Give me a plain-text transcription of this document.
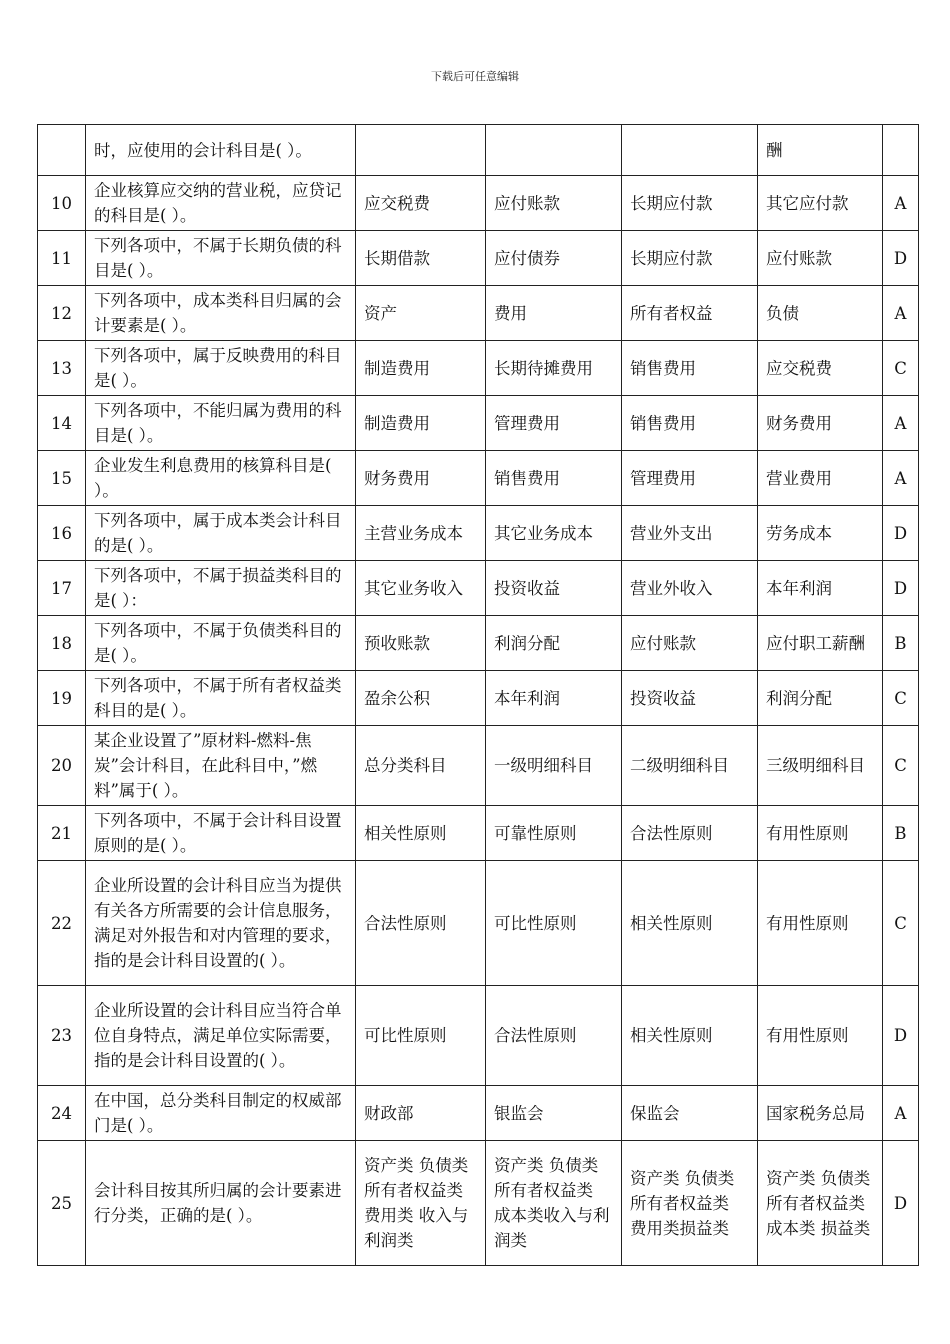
下载后可任意编辑
	时，应使用的会计科目是( ）。				酬	
10	企业核算应交纳的营业税，应贷记的科目是( ）。	应交税费	应付账款	长期应付款	其它应付款	A
11	下列各项中，不属于长期负债的科目是( ）。	长期借款	应付债券	长期应付款	应付账款	D
12	下列各项中，成本类科目归属的会计要素是( ）。	资产	费用	所有者权益	负债	A
13	下列各项中，属于反映费用的科目是( ）。	制造费用	长期待摊费用	销售费用	应交税费	C
14	下列各项中，不能归属为费用的科目是( ）。	制造费用	管理费用	销售费用	财务费用	A
15	企业发生利息费用的核算科目是( ）。	财务费用	销售费用	管理费用	营业费用	A
16	下列各项中，属于成本类会计科目的是( ）。	主营业务成本	其它业务成本	营业外支出	劳务成本	D
17	下列各项中，不属于损益类科目的是( ）：	其它业务收入	投资收益	营业外收入	本年利润	D
18	下列各项中，不属于负债类科目的是( ）。	预收账款	利润分配	应付账款	应付职工薪酬	B
19	下列各项中，不属于所有者权益类科目的是( ）。	盈余公积	本年利润	投资收益	利润分配	C
20	某企业设置了”原材料-燃料-焦炭”会计科目，在此科目中，”燃料”属于( ）。	总分类科目	一级明细科目	二级明细科目	三级明细科目	C
21	下列各项中，不属于会计科目设置原则的是( ）。	相关性原则	可靠性原则	合法性原则	有用性原则	B
22	企业所设置的会计科目应当为提供有关各方所需要的会计信息服务，满足对外报告和对内管理的要求，指的是会计科目设置的( ）。	合法性原则	可比性原则	相关性原则	有用性原则	C
23	企业所设置的会计科目应当符合单位自身特点，满足单位实际需要，指的是会计科目设置的( ）。	可比性原则	合法性原则	相关性原则	有用性原则	D
24	在中国，总分类科目制定的权威部门是( ）。	财政部	银监会	保监会	国家税务总局	A
25	会计科目按其所归属的会计要素进行分类，正确的是( ）。	资产类 负债类 所有者权益类 费用类 收入与利润类	资产类 负债类 所有者权益类 成本类收入与利润类	资产类 负债类 所有者权益类 费用类损益类	资产类 负债类 所有者权益类 成本类 损益类	D
